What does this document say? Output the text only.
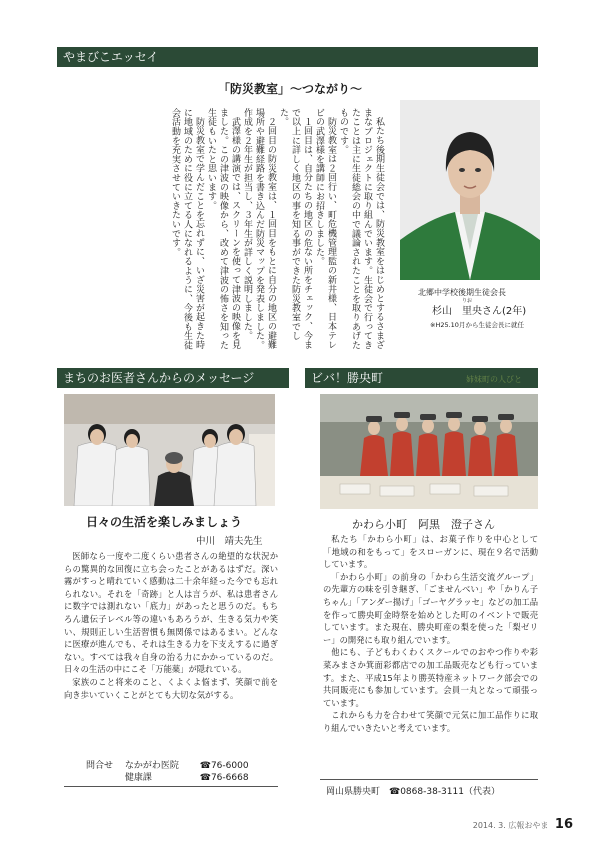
やまびこエッセイ
「防災教室」～つながり～

私たち後期生徒会では、防災教室をはじめとするさまざまなプロジェクトに取り組んでいます。生徒会で行ってきたことは主に生徒総会の中で議論されたことを取りあげたものです。

防災教室は２回行い、町危機管理監の新井様、日本テレビの武澤様を講師にお招きしました。

１回目は、自分たちの地区の危ない所をチェック、今まで以上に詳しく地区の事を知る事ができた防災教室でした。

２回目の防災教室は、１回目をもとに自分の地区の避難場所や避難経路を書き込んだ防災マップを発表しました。作成を２年生が担当し、３年生が詳しく説明しました。

武澤様の講演では、スクリーンを使って津波の映像を見ました。この津波の映像から、改めて津波の怖さを知った生徒もいたと思います。

防災教室で学んだことを忘れずに、いざ災害が起きた時に地域のために役に立てる人になれるように、今後も生徒会活動を充実させていきたいです。

北郷中学校後期生徒会長
りお
杉山　里央さん(2年)
※H25.10月から生徒会長に就任
まちのお医者さんからのメッセージ
日々の生活を楽しみましょう
中川　靖夫先生

医師なら一度や二度くらい患者さんの絶望的な状況からの驚異的な回復に立ち会ったことがあるはずだ。深い霧がすっと晴れていく感動は二十余年経った今でも忘れられない。それを「奇跡」と人は言うが、私は患者さんに数字では測れない「底力」があったと思うのだ。もちろん遺伝子レベル等の違いもあろうが、生きる気力や笑い、規則正しい生活習慣も無関係ではあるまい。どんなに医療が進んでも、それは生きる力を下支えするに過ぎない。すべては我々自身の治る力にかかっているのだ。日々の生活の中にこそ「万能薬」が隠れている。

家族のこと将来のこと、くよくよ悩まず、笑顔で前を向き歩いていくことがとても大切な気がする。

問合せ なかがわ医院 ☎76-6000
健康課	☎76-6668
ビバ！勝央町	姉妹町の人びと
かわら小町　阿黒　澄子さん

私たち「かわら小町」は、お菓子作りを中心として「地域の和をもって」をスローガンに、現在９名で活動しています。

「かわら小町」の前身の「かわら生活交流グループ」の先輩方の味を引き継ぎ、「ごませんべい」や「かりん子ちゃん」「アンダー揚げ」「ゴーヤグラッセ」などの加工品を作って勝央町金時祭を始めとした町のイベントで販売しています。また現在、勝央町産の梨を使った「梨ゼリー」の開発にも取り組んでいます。

他にも、子どもわくわくスクールでのおやつ作りや彩菜みまさか箕面彩都店での加工品販売なども行っています。また、平成15年より勝英特産ネットワーク部会での共同販売にも参加しています。会員一丸となって頑張っています。

これからも力を合わせて笑顔で元気に加工品作りに取り組んでいきたいと考えています。

岡山県勝央町　☎0868-38-3111（代表）
2014. 3. 広報おやま 16
